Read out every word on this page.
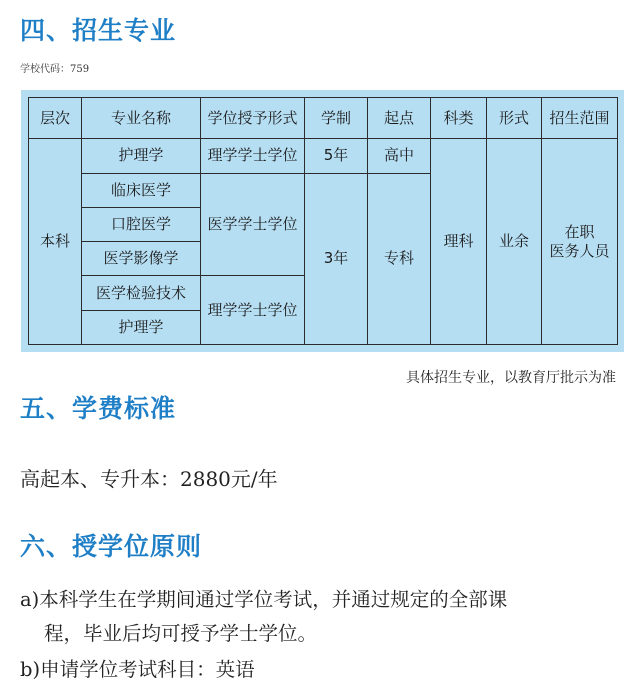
四、招生专业
学校代码：759
层次	专业名称	学位授予形式	学制	起点	科类	形式	招生范围
本科	护理学	理学学士学位	5年	高中	理科	业余	在职
医务人员

	临床医学	医学学士学位	3年	专科			
	口腔医学						
	医学影像学						
	医学检验技术	理学学士学位					
	护理学						
具体招生专业，以教育厅批示为准
五、学费标准
高起本、专升本：2880元/年
六、授学位原则
a)本科学生在学期间通过学位考试，并通过规定的全部课
程，毕业后均可授予学士学位。
b)申请学位考试科目：英语
